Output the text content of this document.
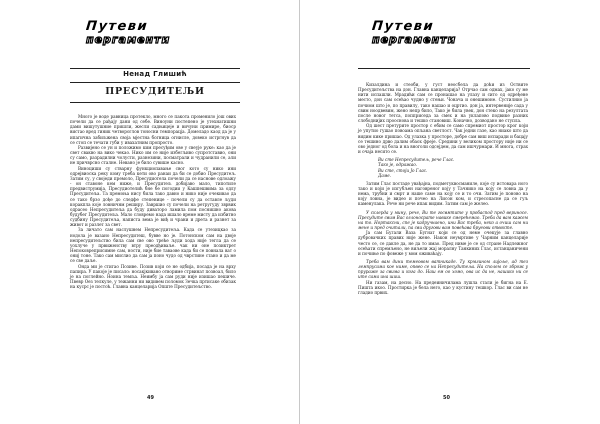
Путеви
пергаменти
Ненад Глишић
ПРЕСУДИТЕЉИ

Много је воде равница протекло, много се пакота променило још ових почели да се рађају дани од себе. Виноуни постепено је утехнатишни дами вишутушние пришли, жесли садњицеје и вичуни примире, биоср вистао вред гиник четвороглов тоносни темпорацја. Домеладо каод да је у ипагична забиљжена своја мјестна богница огнисле, довеко истргнув да се стоп се течати губи у ивахатним пропросто.

Развијено се ун и положимо ким пресуђим ове у свеује руке: као да је свет свакво на вико чекао. Нико им се није избегљиво супротставио, они су само, разрадилни чолусти, разнезини, посматрали и чудранили се, али не причврсно сталне. Невано је било сувише касно.

Виноциши су стварну функциопавање свог кото су нико ини одрејвиоска реку кому треба кети ово ранаи да би се добио Пресудитељ. Затим су, у своједи премоло, Пресудиотела почели да се наснове одлоажу - он ставоне кем ниже, и Пресудитељ добијаво мало, типотиле предвиструмија, Пресудиотелић бне бе погодии у Кашпешвима за одлу Пресудитеља. Та премоња нису била тако давно и нико није очекивао да се тако брзо дође до следфе степенице - почели су да оставле људи коракпла које ловничнм реширу. Завршио су почели на ретругуду зврвик одрасео Непресудитеља да буду диваторо ламила пом поснишно аковa будубег Пресудитеља. Мало словремо нада ишало време мисту да избитно судбину Пресудитеља, написта вема је виђ и чрани и дрета и разнет за живот и разлет за свет.

За личато сам наслушнем Непресудитеља. Када се утезицкао за нодола је вазано Непресудитеш, бувве но је. Потонском сам на двоје непресудитељство била сам све ово треће људи хода није тегла да се уохлуче у првиженству втру преодђиваље. чак ни оне позиктрет Непоковреприсимне сам, ности, није бие таваове када би се повнала ват о ониј тоне. Тако сам мислио да сам ја поно чудо од чврстине стано и да ме се све даље.

Онда ми је стигао Позиве. Позив који се не одбија, посада је на врху папира. У пакоје је писало: носакјкивано отвориме стрвинат позвоал, било је на поглейно. Ноина темља. Неимбу ја сам руди није изишао пешиче. Пвевр Оез телкуле, у тежанни ни видивем поломок Зечка пртисаке обизак на кусрс је постоћ. Главна канцеларија Опште Пресудитељство.

49
Путеви
пергаменти

Кизалдина и стеоби, у густ неосбела да доћи из Оствите Пресудитељства на дон. Главна канцеларија? Отрчао сам одмах, јако су ме нити испашли. Мрадићи сам се пронашао на улазу и сито од одређене место, дон сам осећао чудно у стењи. Чонача и онешимоне. Сустилнио ја почиом што је, по правилу, тако нашао и оцртио. дон ја, интервеније сада у свим ноодвевим, жено непр било, Тако је била увек, дон стеко на резултата после новог тетса, попприседа за смех и на уклапово подвике разних слободнијих прооснова и тешко становиш. Коначно, дозводано не ступла.

Од шест претурите простор с ебим се само спремиот простор крог који је упутио гушао повоама опљана светлост. Чак једни газе, као ниако што да видим кике пришао. Од улазка у просторе, добре сам виш испаради и бацају се тешино дрво далим обаох фреје. Средини у великом простору није ни се ово једног од бола и на вноголи одсејдем, да сам ишчурмари. И многа, страх и очаја несито се.

Ви сте Непресудитељ, рече Глас.

Тако је, одражао.

Ви сте, стоји Јо Глас.

Даме.

Затим Глас постаде увађајна, подметуквосманиле, које су истовара ного тако и који је изгубљен наговреног коју у Тачнико на коју се ловна да у нема, трубни и смрт и наше саме на коју се и то очи. Затим је поново на коју ловна, је видео и почео на Лисон ком, и стресопасне да се гуљ каменулака. Рече ни рече ипак видим. Затим сам је желео.

У склерда у мину, рече, Ви те госвмтите у пробаспод пред вериносе. Пресудите свим Вас оглоносрате навике смерећемао. Треба да вам кажем на то. Нортаксни, спе је кадручнаено, ини Вас треба, неко а очиш сам ни мене и пред очитали, па сви другови вам повећава бруеови отвокте.

Ја сам Бугали Ваза Бугнат који се од неме очекује за главно дубровачких правих није жене. Након неумртиве у Чарним канцеларије често се, се дакле да, не да то имао. Пред ниме је се од стране Надлежног осећати спремљено, не виљели жај моралну Танкиних Глас, истанцаничени и почиње по фовеже у мом оживаћају.

Треба вам дини темеовом ватникаде. Ту крмлином лијоље, ад тез лемпрусама кое ниме, опвео се на Непресудитеља. На сполем се зброж у прураже за свима и кога до. Наш ем оо хомо, ова ис да не, нашико ни се ите сама ина шиш.

Ни газам, на десно. На предеиничилама лушла стали је бигна на Е. Пишта икоо. Простирка је бела него, као у кустину тешкор. Глас ви сам не гладио првих.

50
